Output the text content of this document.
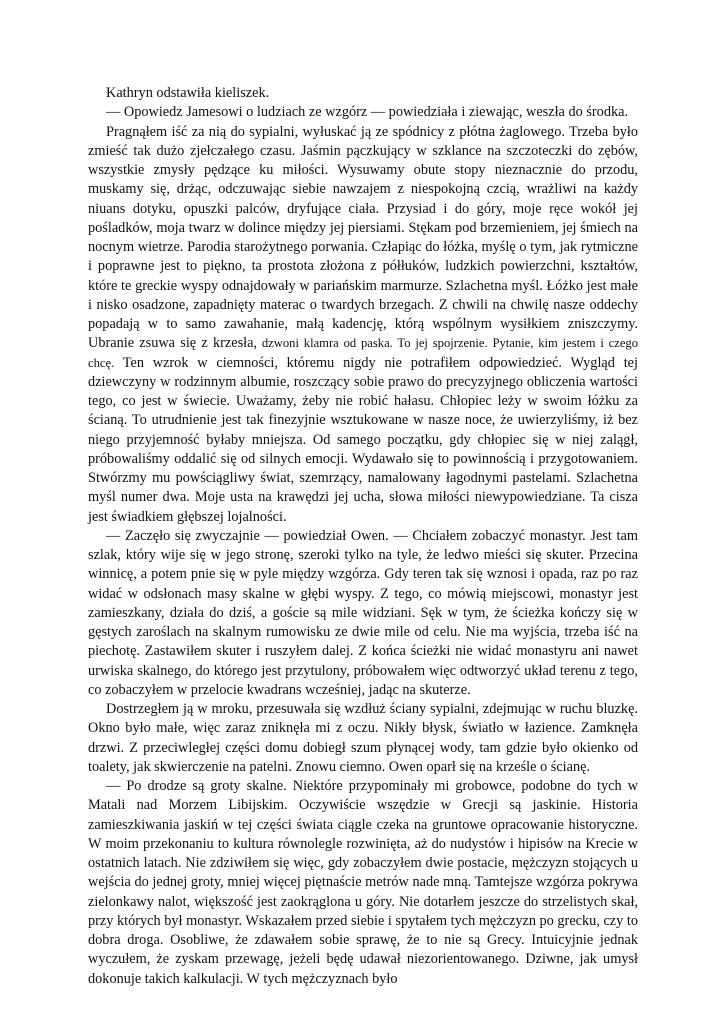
Kathryn odstawiła kieliszek.

— Opowiedz Jamesowi o ludziach ze wzgórz — powiedziała i ziewając, weszła do środka.

Pragnąłem iść za nią do sypialni, wyłuskać ją ze spódnicy z płótna żaglowego. Trzeba było zmieść tak dużo zjełczałego czasu. Jaśmin pączkujący w szklance na szczoteczki do zębów, wszystkie zmysły pędzące ku miłości. Wysuwamy obute stopy nieznacznie do przodu, muskamy się, drżąc, odczuwając siebie nawzajem z niespokojną czcią, wrażliwi na każdy niuans dotyku, opuszki palców, dryfujące ciała. Przysiad i do góry, moje ręce wokół jej pośladków, moja twarz w dolince między jej piersiami. Stękam pod brzemieniem, jej śmiech na nocnym wietrze. Parodia starożytnego porwania. Człapiąc do łóżka, myślę o tym, jak rytmiczne i poprawne jest to piękno, ta prostota złożona z półłuków, ludzkich powierzchni, kształtów, które te greckie wyspy odnajdowały w pariańskim marmurze. Szlachetna myśl. Łóżko jest małe i nisko osadzone, zapadnięty materac o twardych brzegach. Z chwili na chwilę nasze oddechy popadają w to samo zawahanie, małą kadencję, którą wspólnym wysiłkiem zniszczymy. Ubranie zsuwa się z krzesła, dzwoni klamra od paska. To jej spojrzenie. Pytanie, kim jestem i czego chcę. Ten wzrok w ciemności, któremu nigdy nie potrafiłem odpowiedzieć. Wygląd tej dziewczyny w rodzinnym albumie, roszczący sobie prawo do precyzyjnego obliczenia wartości tego, co jest w świecie. Uważamy, żeby nie robić hałasu. Chłopiec leży w swoim łóżku za ścianą. To utrudnienie jest tak finezyjnie wsztukowane w nasze noce, że uwierzyliśmy, iż bez niego przyjemność byłaby mniejsza. Od samego początku, gdy chłopiec się w niej zalągł, próbowaliśmy oddalić się od silnych emocji. Wydawało się to powinnością i przygotowaniem. Stwórzmy mu powściągliwy świat, szemrzący, namalowany łagodnymi pastelami. Szlachetna myśl numer dwa. Moje usta na krawędzi jej ucha, słowa miłości niewypowiedziane. Ta cisza jest świadkiem głębszej lojalności.

— Zaczęło się zwyczajnie — powiedział Owen. — Chciałem zobaczyć monastyr. Jest tam szlak, który wije się w jego stronę, szeroki tylko na tyle, że ledwo mieści się skuter. Przecina winnicę, a potem pnie się w pyle między wzgórza. Gdy teren tak się wznosi i opada, raz po raz widać w odsłonach masy skalne w głębi wyspy. Z tego, co mówią miejscowi, monastyr jest zamieszkany, działa do dziś, a goście są mile widziani. Sęk w tym, że ścieżka kończy się w gęstych zaroślach na skalnym rumowisku ze dwie mile od celu. Nie ma wyjścia, trzeba iść na piechotę. Zastawiłem skuter i ruszyłem dalej. Z końca ścieżki nie widać monastyru ani nawet urwiska skalnego, do którego jest przytulony, próbowałem więc odtworzyć układ terenu z tego, co zobaczyłem w przelocie kwadrans wcześniej, jadąc na skuterze.

Dostrzegłem ją w mroku, przesuwała się wzdłuż ściany sypialni, zdejmując w ruchu bluzkę. Okno było małe, więc zaraz zniknęła mi z oczu. Nikły błysk, światło w łazience. Zamknęła drzwi. Z przeciwległej części domu dobiegł szum płynącej wody, tam gdzie było okienko od toalety, jak skwierczenie na patelni. Znowu ciemno. Owen oparł się na krześle o ścianę.

— Po drodze są groty skalne. Niektóre przypominały mi grobowce, podobne do tych w Matali nad Morzem Libijskim. Oczywiście wszędzie w Grecji są jaskinie. Historia zamieszkiwania jaskiń w tej części świata ciągle czeka na gruntowe opracowanie historyczne. W moim przekonaniu to kultura równolegle rozwinięta, aż do nudystów i hipisów na Krecie w ostatnich latach. Nie zdziwiłem się więc, gdy zobaczyłem dwie postacie, mężczyzn stojących u wejścia do jednej groty, mniej więcej piętnaście metrów nade mną. Tamtejsze wzgórza pokrywa zielonkawy nalot, większość jest zaokrąglona u góry. Nie dotarłem jeszcze do strzelistych skał, przy których był monastyr. Wskazałem przed siebie i spytałem tych mężczyzn po grecku, czy to dobra droga. Osobliwe, że zdawałem sobie sprawę, że to nie są Grecy. Intuicyjnie jednak wyczułem, że zyskam przewagę, jeżeli będę udawał niezorientowanego. Dziwne, jak umysł dokonuje takich kalkulacji. W tych mężczyznach było
